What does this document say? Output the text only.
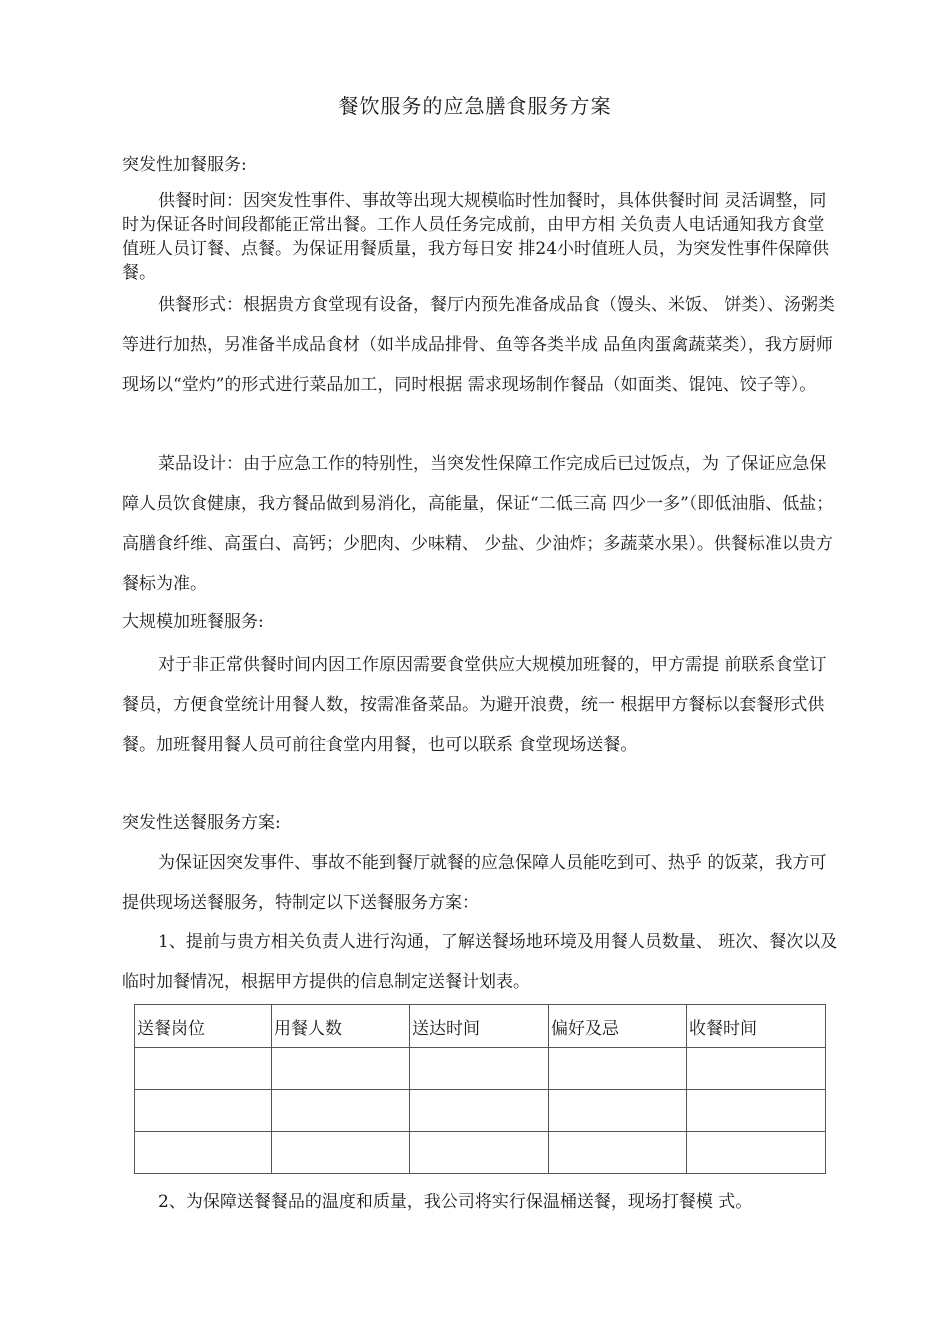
餐饮服务的应急膳食服务方案

突发性加餐服务:

供餐时间：因突发性事件、事故等出现大规模临时性加餐时，具体供餐时间 灵活调整，同时为保证各时间段都能正常出餐。工作人员任务完成前，由甲方相 关负责人电话通知我方食堂值班人员订餐、点餐。为保证用餐质量，我方每日安 排24小时值班人员，为突发性事件保障供餐。

供餐形式：根据贵方食堂现有设备，餐厅内预先准备成品食（馒头、米饭、 饼类）、汤粥类等进行加热，另准备半成品食材（如半成品排骨、鱼等各类半成 品鱼肉蛋禽蔬菜类），我方厨师现场以“堂灼”的形式进行菜品加工，同时根据 需求现场制作餐品（如面类、馄饨、饺子等）。

菜品设计：由于应急工作的特别性，当突发性保障工作完成后已过饭点，为 了保证应急保障人员饮食健康，我方餐品做到易消化，高能量，保证“二低三高 四少一多”（即低油脂、低盐；高膳食纤维、高蛋白、高钙；少肥肉、少味精、 少盐、少油炸；多蔬菜水果）。供餐标准以贵方餐标为准。

大规模加班餐服务:

对于非正常供餐时间内因工作原因需要食堂供应大规模加班餐的，甲方需提 前联系食堂订餐员，方便食堂统计用餐人数，按需准备菜品。为避开浪费，统一 根据甲方餐标以套餐形式供餐。加班餐用餐人员可前往食堂内用餐，也可以联系 食堂现场送餐。

突发性送餐服务方案:

为保证因突发事件、事故不能到餐厅就餐的应急保障人员能吃到可、热乎 的饭菜，我方可提供现场送餐服务，特制定以下送餐服务方案：

1、提前与贵方相关负责人进行沟通，了解送餐场地环境及用餐人员数量、 班次、餐次以及临时加餐情况，根据甲方提供的信息制定送餐计划表。

送餐岗位	用餐人数	送达时间	偏好及忌	收餐时间

2、为保障送餐餐品的温度和质量，我公司将实行保温桶送餐，现场打餐模 式。
